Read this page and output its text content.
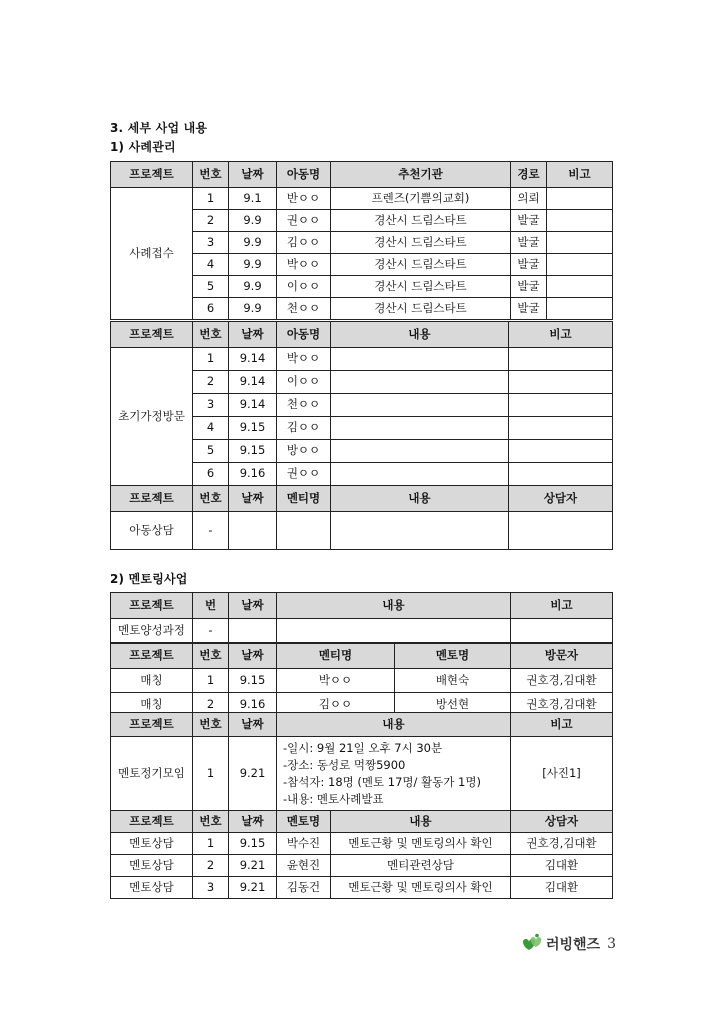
3. 세부 사업 내용
1) 사례관리
2) 멘토링사업
프로젝트	번호	날짜	아동명	추천기관	경로	비고
사례접수	1	9.1	반ㅇㅇ	프렌즈(기쁨의교회)	의뢰	
	2	9.9	권ㅇㅇ	경산시 드림스타트	발굴	
	3	9.9	김ㅇㅇ	경산시 드림스타트	발굴	
	4	9.9	박ㅇㅇ	경산시 드림스타트	발굴	
	5	9.9	이ㅇㅇ	경산시 드림스타트	발굴	
	6	9.9	천ㅇㅇ	경산시 드림스타트	발굴	
프로젝트	번호	날짜	아동명	내용	비고
초기가정방문	1	9.14	박ㅇㅇ		
	2	9.14	이ㅇㅇ		
	3	9.14	천ㅇㅇ		
	4	9.15	김ㅇㅇ		
	5	9.15	방ㅇㅇ		
	6	9.16	권ㅇㅇ		
프로젝트	번호	날짜	멘티명	내용	상담자
아동상담	-				
프로젝트	번	날짜	내용	비고
멘토양성과정	-			
프로젝트	번호	날짜	멘티명	멘토명	방문자
매칭	1	9.15	박ㅇㅇ	배현숙	권호경,김대환
매칭	2	9.16	김ㅇㅇ	방선현	권호경,김대환
프로젝트	번호	날짜	내용	비고
멘토정기모임	1	9.21	-일시: 9월 21일 오후 7시 30분
-장소: 동성로 먹짱5900
-참석자: 18명 (멘토 17명/ 활동가 1명)
-내용: 멘토사례발표	[사진1]
프로젝트	번호	날짜	멘토명	내용	상담자
멘토상담	1	9.15	박수진	멘토근황 및 멘토링의사 확인	권호경,김대환
멘토상담	2	9.21	윤현진	멘티관련상담	김대환
멘토상담	3	9.21	김동건	멘토근황 및 멘토링의사 확인	김대환
러빙핸즈 3
